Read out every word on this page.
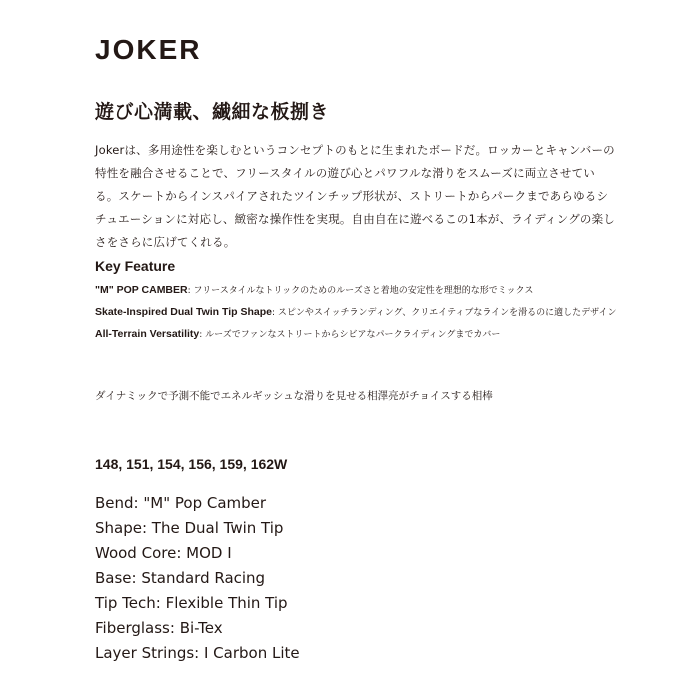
JOKER
遊び心満載、繊細な板捌き

Jokerは、多用途性を楽しむというコンセプトのもとに生まれたボードだ。ロッカーとキャンバーの特性を融合させることで、フリースタイルの遊び心とパワフルな滑りをスムーズに両立させている。スケートからインスパイアされたツインチップ形状が、ストリートからパークまであらゆるシチュエーションに対応し、緻密な操作性を実現。自由自在に遊べるこの1本が、ライディングの楽しさをさらに広げてくれる。

Key Feature
"M" POP CAMBER: フリースタイルなトリックのためのルーズさと着地の安定性を理想的な形でミックス
Skate-Inspired Dual Twin Tip Shape: スピンやスイッチランディング、クリエイティブなラインを滑るのに適したデザイン
All-Terrain Versatility: ルーズでファンなストリートからシビアなパークライディングまでカバー

ダイナミックで予測不能でエネルギッシュな滑りを見せる相澤亮がチョイスする相棒

148, 151, 154, 156, 159, 162W

Bend: "M" Pop Camber
Shape: The Dual Twin Tip
Wood Core: MOD I
Base: Standard Racing
Tip Tech: Flexible Thin Tip
Fiberglass: Bi-Tex
Layer Strings: I Carbon Lite
